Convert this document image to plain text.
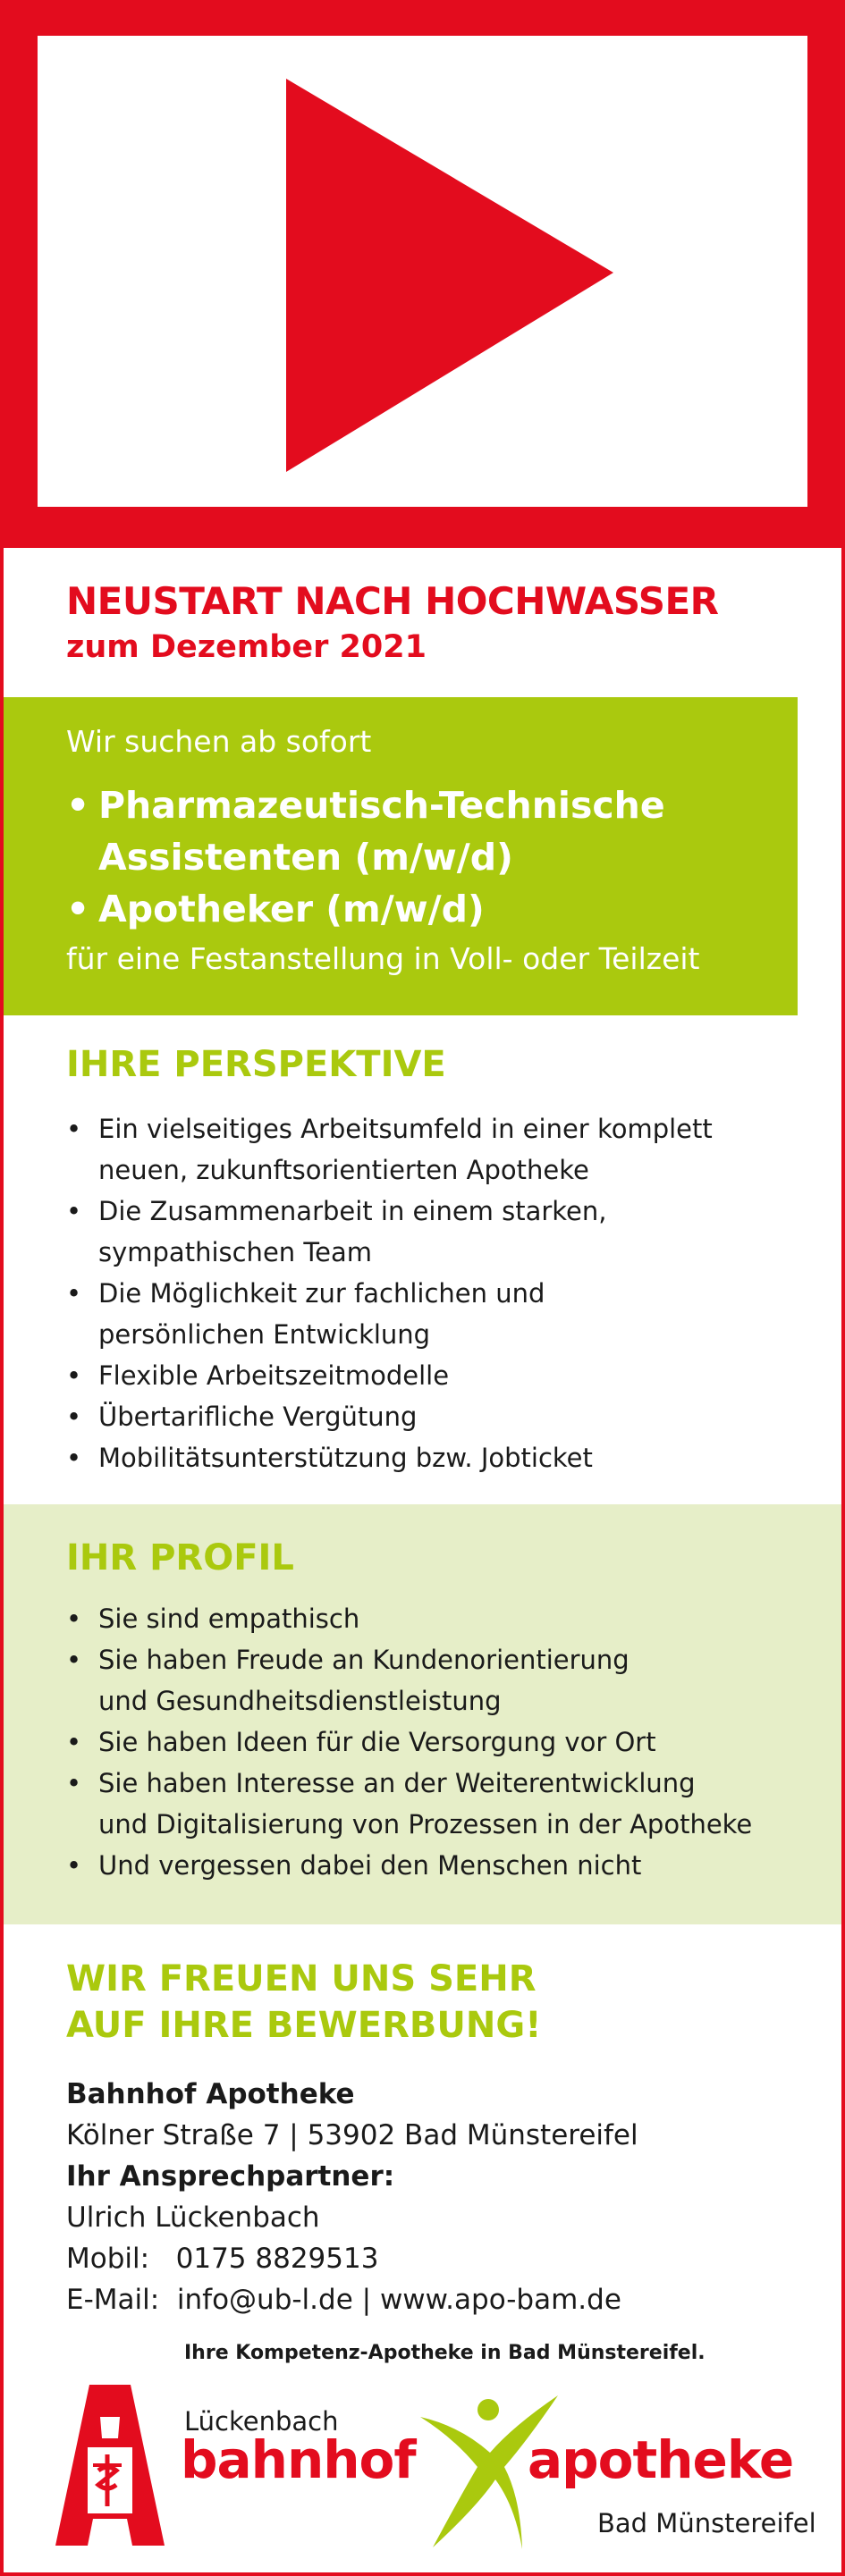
NEUSTART NACH HOCHWASSER
zum Dezember 2021
Wir suchen ab sofort
• Pharmazeutisch-Technische
Assistenten (m/w/d)
• Apotheker (m/w/d)
für eine Festanstellung in Voll- oder Teilzeit
IHRE PERSPEKTIVE
• Ein vielseitiges Arbeitsumfeld in einer komplett
neuen, zukunftsorientierten Apotheke
• Die Zusammenarbeit in einem starken,
sympathischen Team
• Die Möglichkeit zur fachlichen und
persönlichen Entwicklung
• Flexible Arbeitszeitmodelle
• Übertarifliche Vergütung
• Mobilitätsunterstützung bzw. Jobticket
IHR PROFIL
• Sie sind empathisch
• Sie haben Freude an Kundenorientierung
und Gesundheitsdienstleistung
• Sie haben Ideen für die Versorgung vor Ort
• Sie haben Interesse an der Weiterentwicklung
und Digitalisierung von Prozessen in der Apotheke
• Und vergessen dabei den Menschen nicht
WIR FREUEN UNS SEHR
AUF IHRE BEWERBUNG!
Bahnhof Apotheke
Kölner Straße 7 | 53902 Bad Münstereifel
Ihr Ansprechpartner:
Ulrich Lückenbach
Mobil: 0175 8829513
E-Mail: info@ub-l.de | www.apo-bam.de
Ihre Kompetenz-Apotheke in Bad Münstereifel.
Lückenbach
bahnhof apotheke
Bad Münstereifel
